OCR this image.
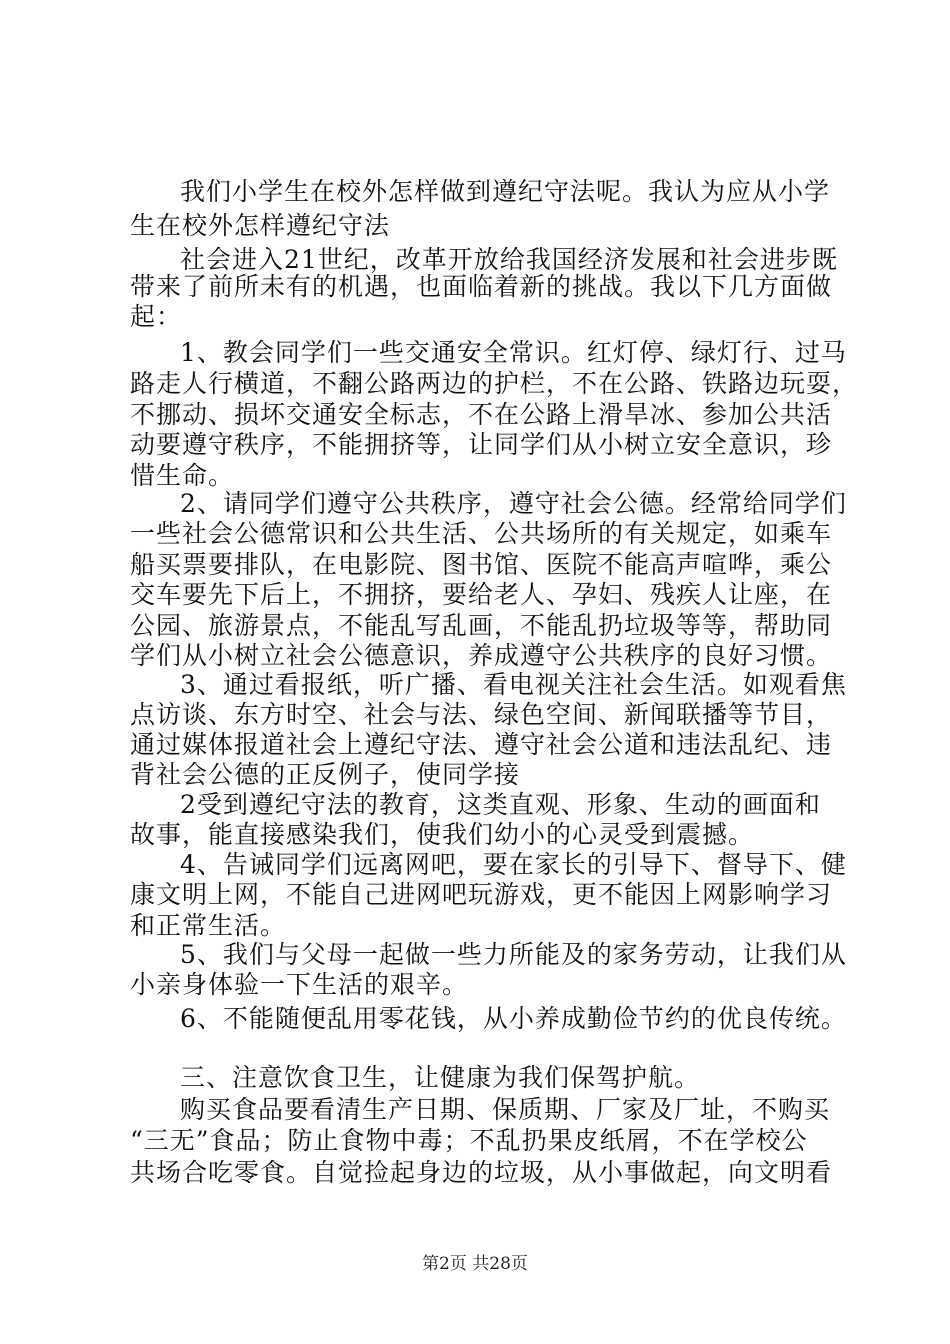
我们小学生在校外怎样做到遵纪守法呢。我认为应从小学
生在校外怎样遵纪守法
社会进入21世纪，改革开放给我国经济发展和社会进步既
带来了前所未有的机遇，也面临着新的挑战。我以下几方面做
起：
1、教会同学们一些交通安全常识。红灯停、绿灯行、过马
路走人行横道，不翻公路两边的护栏，不在公路、铁路边玩耍，
不挪动、损坏交通安全标志，不在公路上滑旱冰、参加公共活
动要遵守秩序，不能拥挤等，让同学们从小树立安全意识，珍
惜生命。
2、请同学们遵守公共秩序，遵守社会公德。经常给同学们
一些社会公德常识和公共生活、公共场所的有关规定，如乘车
船买票要排队，在电影院、图书馆、医院不能高声喧哗，乘公
交车要先下后上，不拥挤，要给老人、孕妇、残疾人让座，在
公园、旅游景点，不能乱写乱画，不能乱扔垃圾等等，帮助同
学们从小树立社会公德意识，养成遵守公共秩序的良好习惯。
3、通过看报纸，听广播、看电视关注社会生活。如观看焦
点访谈、东方时空、社会与法、绿色空间、新闻联播等节目，
通过媒体报道社会上遵纪守法、遵守社会公道和违法乱纪、违
背社会公德的正反例子，使同学接
2受到遵纪守法的教育，这类直观、形象、生动的画面和
故事，能直接感染我们，使我们幼小的心灵受到震撼。
4、告诫同学们远离网吧，要在家长的引导下、督导下、健
康文明上网，不能自己进网吧玩游戏，更不能因上网影响学习
和正常生活。
5、我们与父母一起做一些力所能及的家务劳动，让我们从
小亲身体验一下生活的艰辛。
6、不能随便乱用零花钱，从小养成勤俭节约的优良传统。
三、注意饮食卫生，让健康为我们保驾护航。
购买食品要看清生产日期、保质期、厂家及厂址，不购买
“三无”食品；防止食物中毒；不乱扔果皮纸屑，不在学校公
共场合吃零食。自觉捡起身边的垃圾，从小事做起，向文明看
第2页 共28页
